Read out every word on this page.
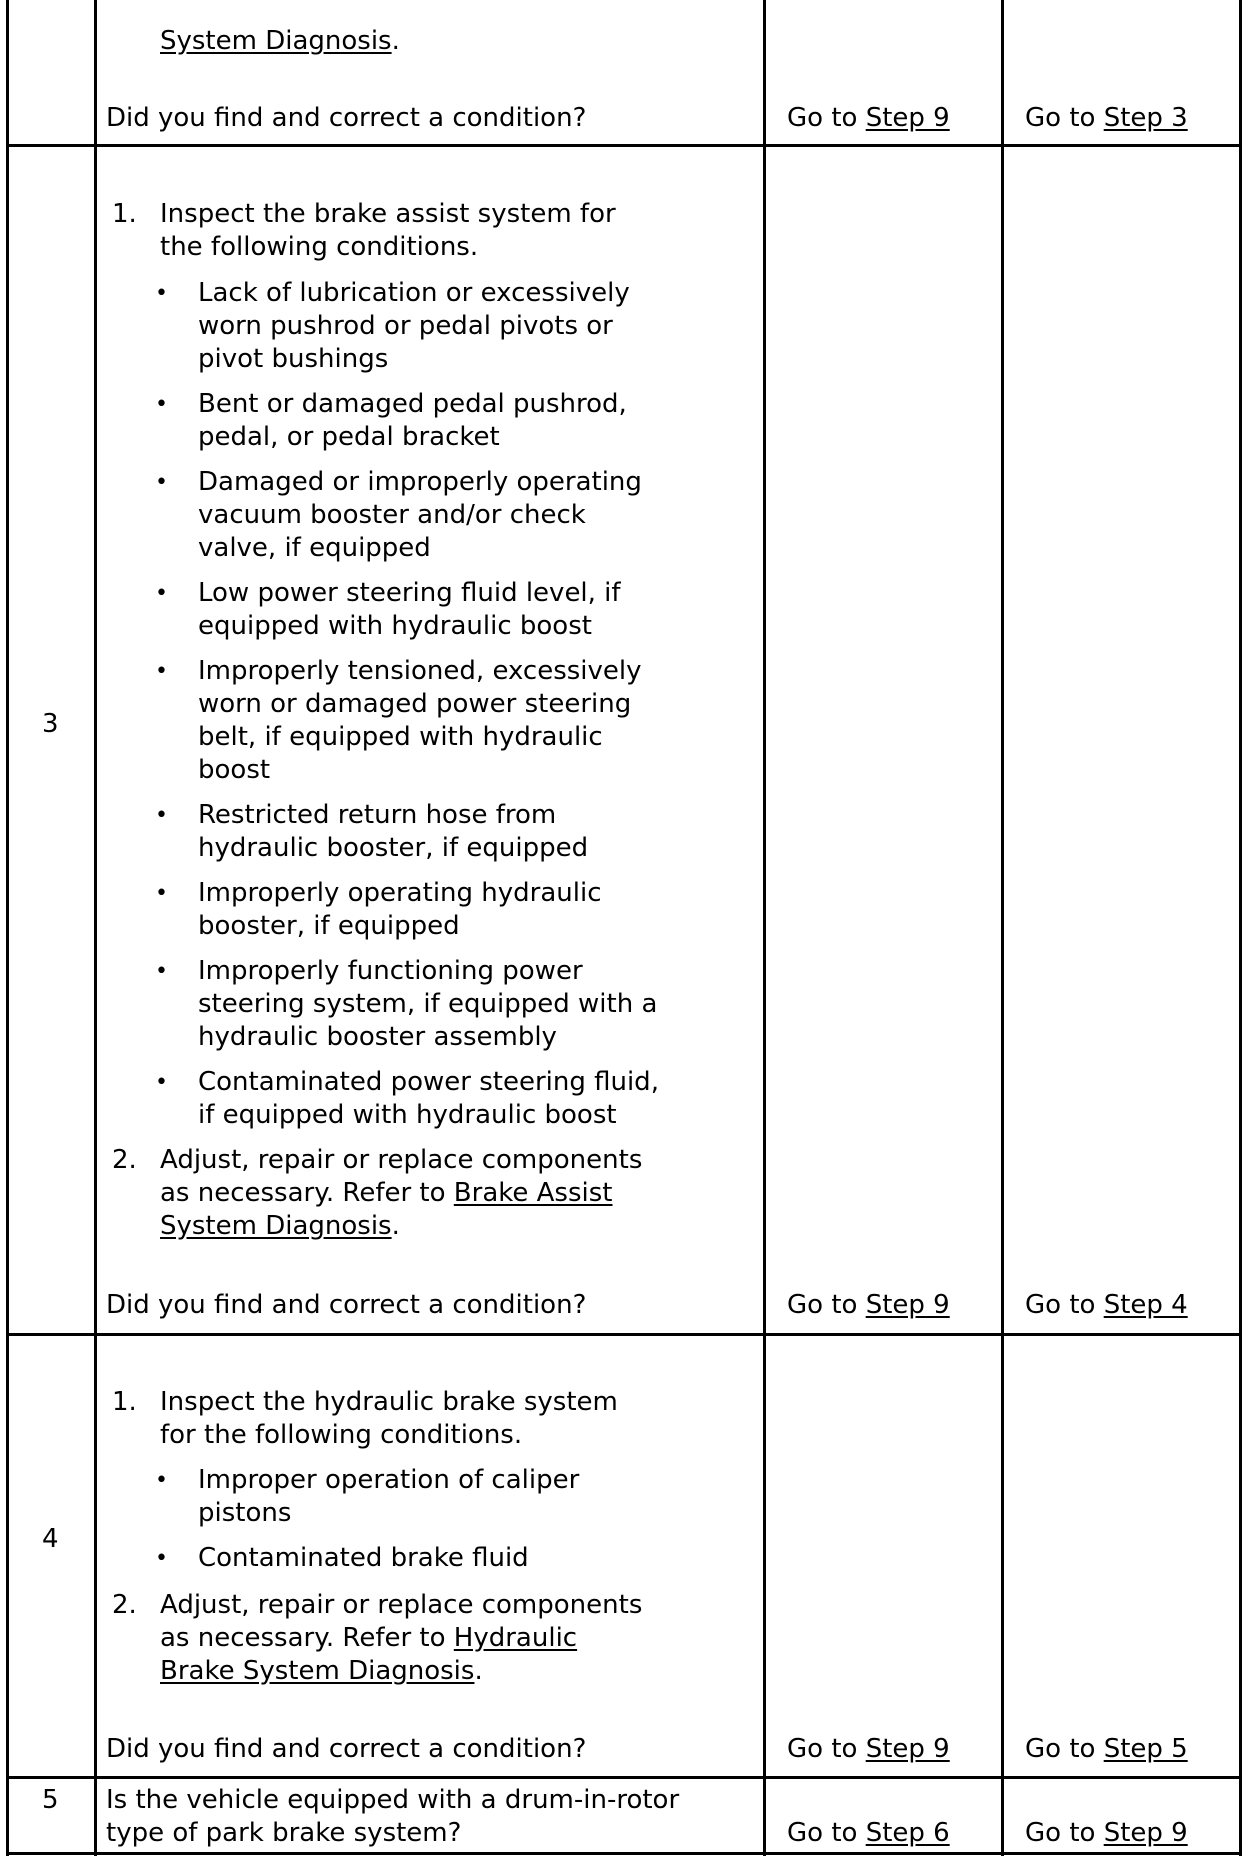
System Diagnosis.
Did you find and correct a condition?	Go to Step 9	Go to Step 3
3
1. Inspect the brake assist system for
the following conditions.
• Lack of lubrication or excessively
worn pushrod or pedal pivots or
pivot bushings
• Bent or damaged pedal pushrod,
pedal, or pedal bracket
• Damaged or improperly operating
vacuum booster and/or check
valve, if equipped
• Low power steering fluid level, if
equipped with hydraulic boost
• Improperly tensioned, excessively
worn or damaged power steering
belt, if equipped with hydraulic
boost
• Restricted return hose from
hydraulic booster, if equipped
• Improperly operating hydraulic
booster, if equipped
• Improperly functioning power
steering system, if equipped with a
hydraulic booster assembly
• Contaminated power steering fluid,
if equipped with hydraulic boost
2. Adjust, repair or replace components
as necessary. Refer to Brake Assist
System Diagnosis.
Did you find and correct a condition?	Go to Step 9	Go to Step 4
4
1. Inspect the hydraulic brake system
for the following conditions.
• Improper operation of caliper
pistons
• Contaminated brake fluid
2. Adjust, repair or replace components
as necessary. Refer to Hydraulic
Brake System Diagnosis.
Did you find and correct a condition?	Go to Step 9	Go to Step 5
5 Is the vehicle equipped with a drum-in-rotor
type of park brake system?	Go to Step 6	Go to Step 9
